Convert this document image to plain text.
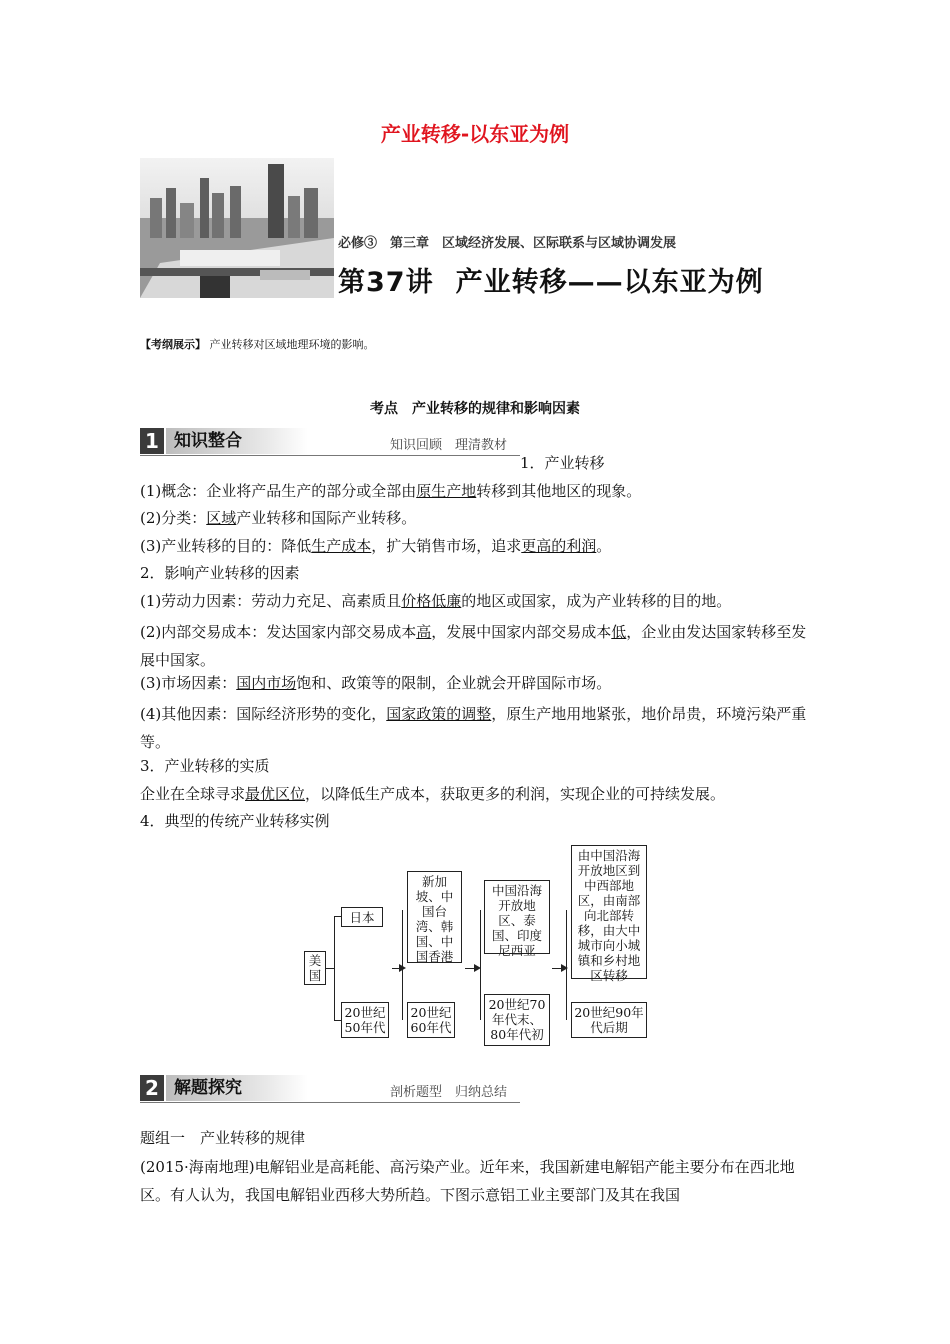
产业转移-以东亚为例
必修③　第三章　区域经济发展、区际联系与区域协调发展
第37讲 产业转移——以东亚为例
【考纲展示】 产业转移对区域地理环境的影响。
考点　产业转移的规律和影响因素
1 知识整合	知识回顾　理清教材
1．产业转移
(1)概念：企业将产品生产的部分或全部由原生产地转移到其他地区的现象。
(2)分类：区域产业转移和国际产业转移。
(3)产业转移的目的：降低生产成本，扩大销售市场，追求更高的利润。
2．影响产业转移的因素
(1)劳动力因素：劳动力充足、高素质且价格低廉的地区或国家，成为产业转移的目的地。
(2)内部交易成本：发达国家内部交易成本高，发展中国家内部交易成本低，企业由发达国家转移至发展中国家。
(3)市场因素：国内市场饱和、政策等的限制，企业就会开辟国际市场。
(4)其他因素：国际经济形势的变化，国家政策的调整，原生产地用地紧张，地价昂贵，环境污染严重等。
3．产业转移的实质
企业在全球寻求最优区位，以降低生产成本，获取更多的利润，实现企业的可持续发展。
4．典型的传统产业转移实例
美国
日本
20世纪50年代
新加坡、中国台湾、韩国、中国香港
20世纪60年代
中国沿海开放地区、泰国、印度尼西亚
20世纪70年代末、80年代初
由中国沿海开放地区到中西部地区，由南部向北部转移，由大中城市向小城镇和乡村地区转移
20世纪90年代后期
2 解题探究	剖析题型　归纳总结
题组一　产业转移的规律
(2015·海南地理)电解铝业是高耗能、高污染产业。近年来，我国新建电解铝产能主要分布在西北地区。有人认为，我国电解铝业西移大势所趋。下图示意铝工业主要部门及其在我国
